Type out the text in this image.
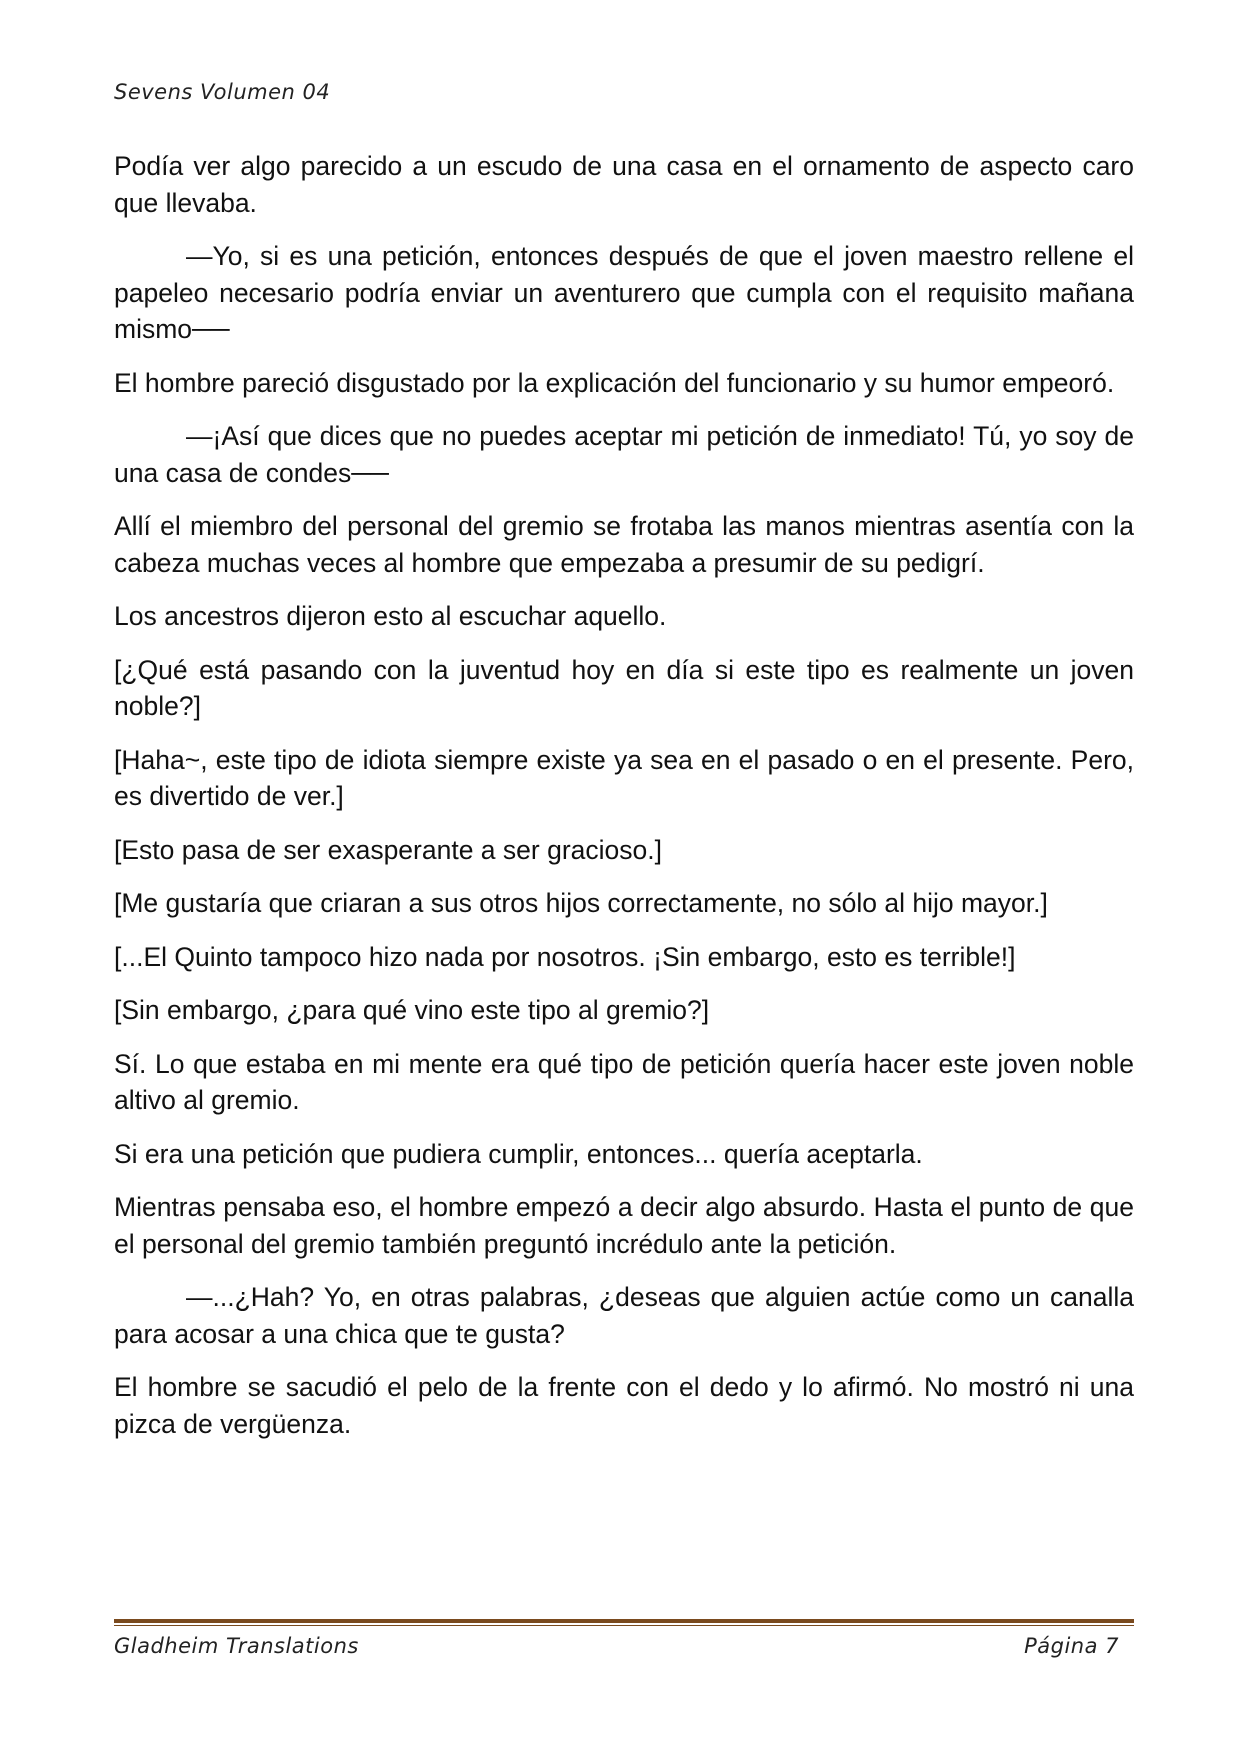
Sevens Volumen 04

Podía ver algo parecido a un escudo de una casa en el ornamento de aspecto caro que llevaba.

—Yo, si es una petición, entonces después de que el joven maestro rellene el papeleo necesario podría enviar un aventurero que cumpla con el requisito mañana mismo──

El hombre pareció disgustado por la explicación del funcionario y su humor empeoró.

—¡Así que dices que no puedes aceptar mi petición de inmediato! Tú, yo soy de una casa de condes──

Allí el miembro del personal del gremio se frotaba las manos mientras asentía con la cabeza muchas veces al hombre que empezaba a presumir de su pedigrí.

Los ancestros dijeron esto al escuchar aquello.

[¿Qué está pasando con la juventud hoy en día si este tipo es realmente un joven noble?]

[Haha~, este tipo de idiota siempre existe ya sea en el pasado o en el presente. Pero, es divertido de ver.]

[Esto pasa de ser exasperante a ser gracioso.]

[Me gustaría que criaran a sus otros hijos correctamente, no sólo al hijo mayor.]

[...El Quinto tampoco hizo nada por nosotros. ¡Sin embargo, esto es terrible!]

[Sin embargo, ¿para qué vino este tipo al gremio?]

Sí. Lo que estaba en mi mente era qué tipo de petición quería hacer este joven noble altivo al gremio.

Si era una petición que pudiera cumplir, entonces... quería aceptarla.

Mientras pensaba eso, el hombre empezó a decir algo absurdo. Hasta el punto de que el personal del gremio también preguntó incrédulo ante la petición.

—...¿Hah? Yo, en otras palabras, ¿deseas que alguien actúe como un canalla para acosar a una chica que te gusta?

El hombre se sacudió el pelo de la frente con el dedo y lo afirmó. No mostró ni una pizca de vergüenza.

Gladheim Translations	Página 7
